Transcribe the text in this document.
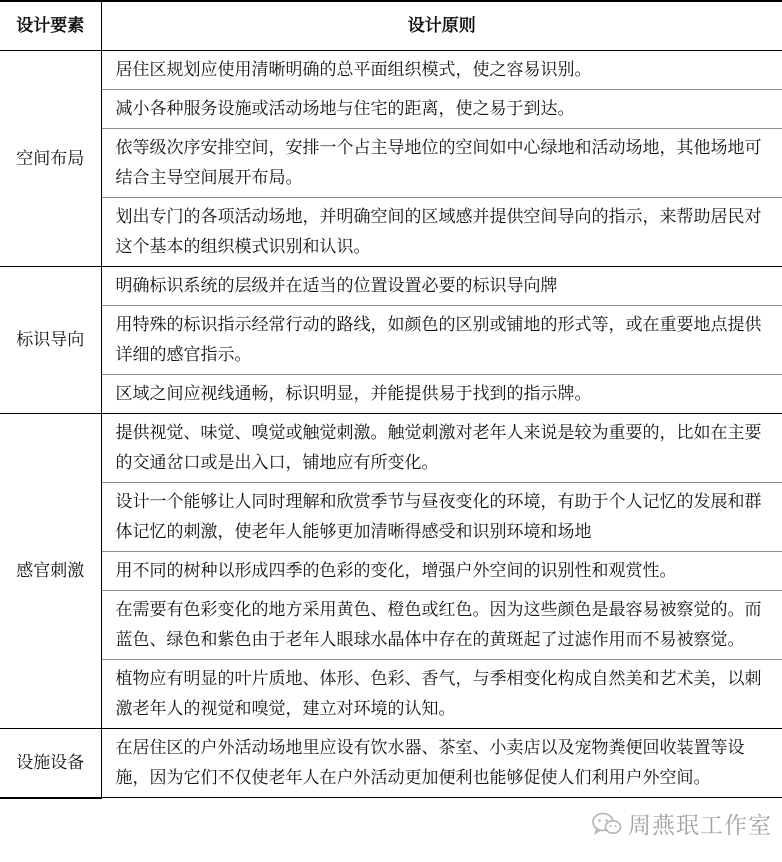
设计要素	设计原则
空间布局	居住区规划应使用清晰明确的总平面组织模式，使之容易识别。
	减小各种服务设施或活动场地与住宅的距离，使之易于到达。
	依等级次序安排空间，安排一个占主导地位的空间如中心绿地和活动场地，其他场地可结合主导空间展开布局。
	划出专门的各项活动场地，并明确空间的区域感并提供空间导向的指示，来帮助居民对这个基本的组织模式识别和认识。
标识导向	明确标识系统的层级并在适当的位置设置必要的标识导向牌
	用特殊的标识指示经常行动的路线，如颜色的区别或铺地的形式等，或在重要地点提供详细的感官指示。
	区域之间应视线通畅，标识明显，并能提供易于找到的指示牌。
感官刺激	提供视觉、味觉、嗅觉或触觉刺激。触觉刺激对老年人来说是较为重要的，比如在主要的交通岔口或是出入口，铺地应有所变化。
	设计一个能够让人同时理解和欣赏季节与昼夜变化的环境，有助于个人记忆的发展和群体记忆的刺激，使老年人能够更加清晰得感受和识别环境和场地
	用不同的树种以形成四季的色彩的变化，增强户外空间的识别性和观赏性。
	在需要有色彩变化的地方采用黄色、橙色或红色。因为这些颜色是最容易被察觉的。而蓝色、绿色和紫色由于老年人眼球水晶体中存在的黄斑起了过滤作用而不易被察觉。
	植物应有明显的叶片质地、体形、色彩、香气，与季相变化构成自然美和艺术美，以刺激老年人的视觉和嗅觉，建立对环境的认知。
设施设备	在居住区的户外活动场地里应设有饮水器、茶室、小卖店以及宠物粪便回收装置等设施，因为它们不仅使老年人在户外活动更加便利也能够促使人们利用户外空间。
周燕珉工作室
